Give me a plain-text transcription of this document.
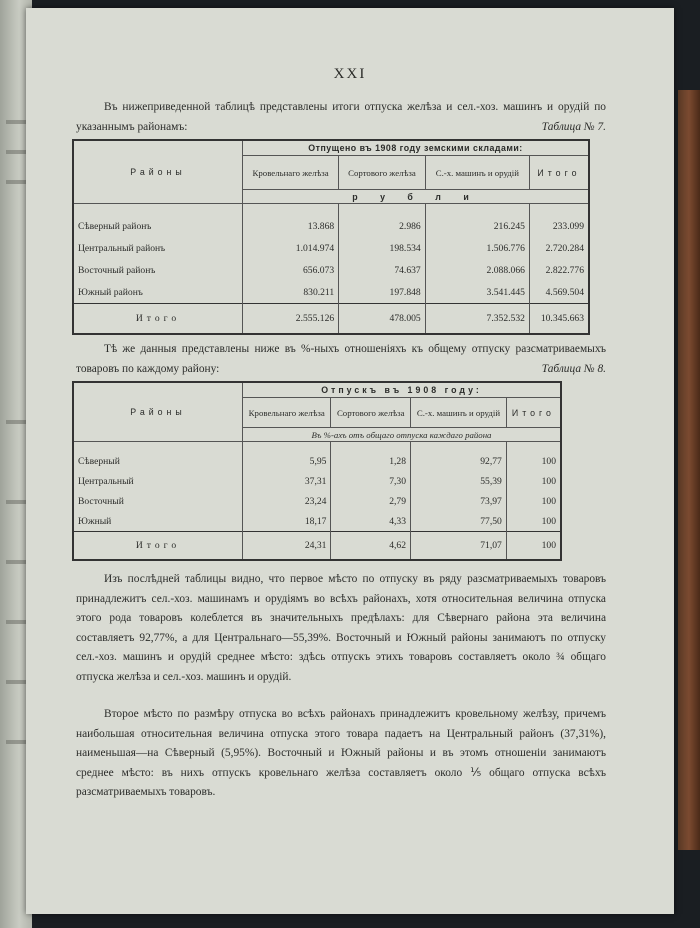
XXI
Въ нижеприведенной таблицѣ представлены итоги отпуска желѣза и сел.-хоз. машинъ и орудій по указаннымъ районамъ:	Таблица № 7.
Районы	Отпущено въ 1908 году земскими складами:			
	Кровельнаго желѣза	Сортового желѣза	С.-х. машинъ и орудій	Итого
	р у б л и			

Сѣверный районъ	13.868	2.986	216.245	233.099
Центральный районъ	1.014.974	198.534	1.506.776	2.720.284
Восточный районъ	656.073	74.637	2.088.066	2.822.776
Южный районъ	830.211	197.848	3.541.445	4.569.504
Итого	2.555.126	478.005	7.352.532	10.345.663
Тѣ же данныя представлены ниже въ %-ныхъ отношеніяхъ къ общему отпуску разсматриваемыхъ товаровъ по каждому району:	Таблица № 8.
Районы	Отпускъ въ 1908 году:			
	Кровельнаго желѣза	Сортового желѣза	С.-х. машинъ и орудій	Итого
	Въ %-ахъ отъ общаго отпуска каждаго района			

Сѣверный	5,95	1,28	92,77	100
Центральный	37,31	7,30	55,39	100
Восточный	23,24	2,79	73,97	100
Южный	18,17	4,33	77,50	100
Итого	24,31	4,62	71,07	100
Изъ послѣдней таблицы видно, что первое мѣсто по отпуску въ ряду разсматриваемыхъ товаровъ принадлежитъ сел.-хоз. машинамъ и орудіямъ во всѣхъ районахъ, хотя относительная величина отпуска этого рода товаровъ колеблется въ значительныхъ предѣлахъ: для Сѣвернаго района эта величина составляетъ 92,77%, а для Центральнаго—55,39%. Восточный и Южный районы занимаютъ по отпуску сел.-хоз. машинъ и орудій среднее мѣсто: здѣсь отпускъ этихъ товаровъ составляетъ около ¾ общаго отпуска желѣза и сел.-хоз. машинъ и орудій.
Второе мѣсто по размѣру отпуска во всѣхъ районахъ принадлежитъ кровельному желѣзу, причемъ наибольшая относительная величина отпуска этого товара падаетъ на Центральный районъ (37,31%), наименьшая—на Сѣверный (5,95%). Восточный и Южный районы и въ этомъ отношеніи занимаютъ среднее мѣсто: въ нихъ отпускъ кровельнаго желѣза составляетъ около ⅕ общаго отпуска всѣхъ разсматриваемыхъ товаровъ.
